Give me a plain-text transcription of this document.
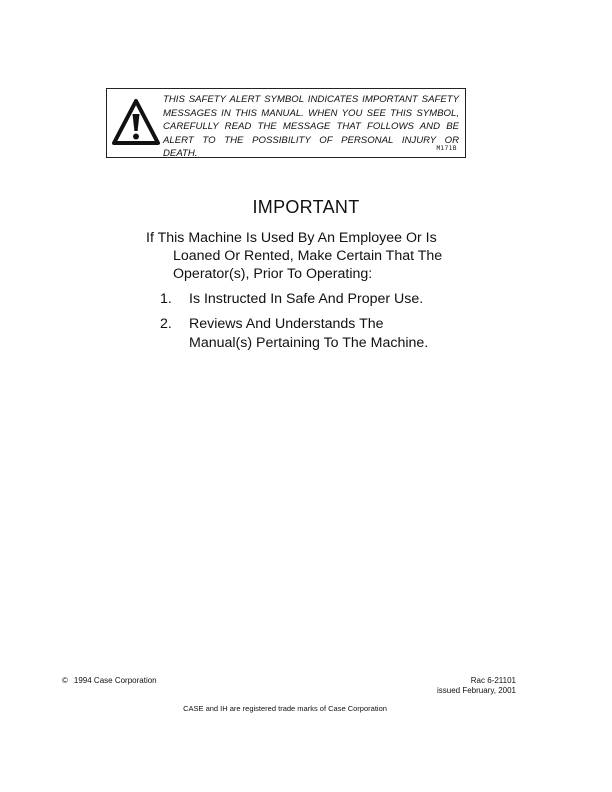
THIS SAFETY ALERT SYMBOL INDICATES IMPORTANT SAFETY
MESSAGES IN THIS MANUAL. WHEN YOU SEE THIS SYMBOL,
CAREFULLY READ THE MESSAGE THAT FOLLOWS AND BE
ALERT TO THE POSSIBILITY OF PERSONAL INJURY OR
DEATH.	M171B
IMPORTANT
If This Machine Is Used By An Employee Or Is
Loaned Or Rented, Make Certain That The
Operator(s), Prior To Operating:
1.	Is Instructed In Safe And Proper Use.
2.	Reviews And Understands The
Manual(s) Pertaining To The Machine.
© 1994 Case Corporation	Rac 6-21101
issued February, 2001
CASE and IH are registered trade marks of Case Corporation
